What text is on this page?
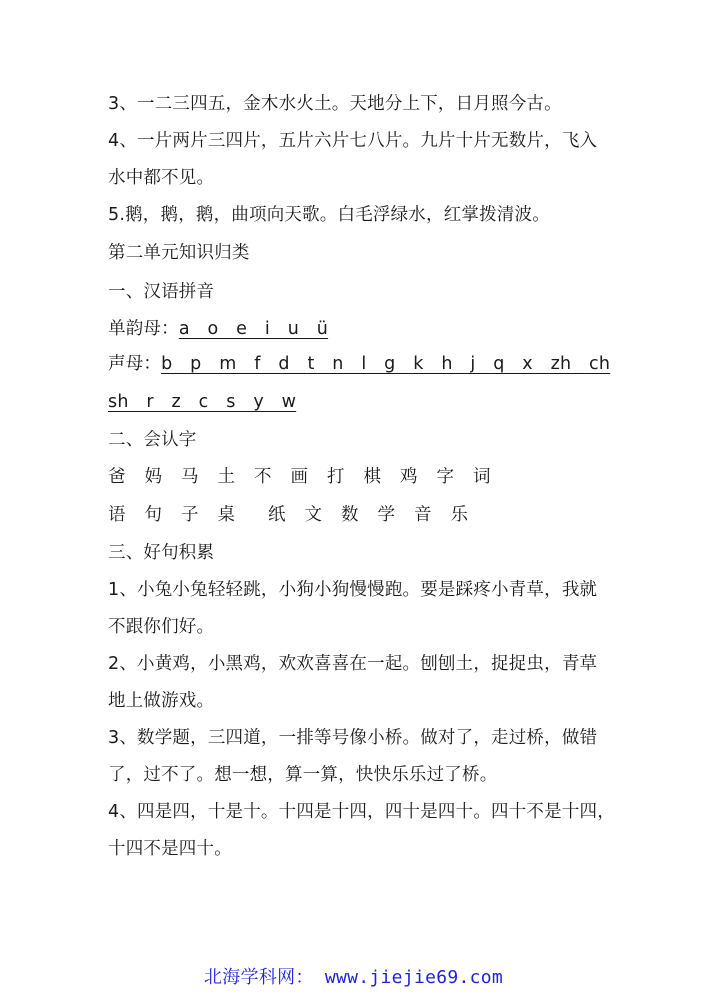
3、一二三四五，金木水火土。天地分上下，日月照今古。
4、一片两片三四片，五片六片七八片。九片十片无数片，飞入
水中都不见。
5.鹅，鹅，鹅，曲项向天歌。白毛浮绿水，红掌拨清波。
第二单元知识归类
一、汉语拼音
单韵母：a o e i u ü
声母：b p m f d t n l g k h j q x zh ch
sh r z c s y w
二、会认字
爸 妈 马 土 不 画 打 棋 鸡 字 词
语 句 子 桌 纸 文 数 学 音 乐
三、好句积累
1、小兔小兔轻轻跳，小狗小狗慢慢跑。要是踩疼小青草，我就
不跟你们好。
2、小黄鸡，小黑鸡，欢欢喜喜在一起。刨刨土，捉捉虫，青草
地上做游戏。
3、数学题，三四道，一排等号像小桥。做对了，走过桥，做错
了，过不了。想一想，算一算，快快乐乐过了桥。
4、四是四，十是十。十四是十四，四十是四十。四十不是十四，
十四不是四十。
北海学科网： www.jiejie69.com
